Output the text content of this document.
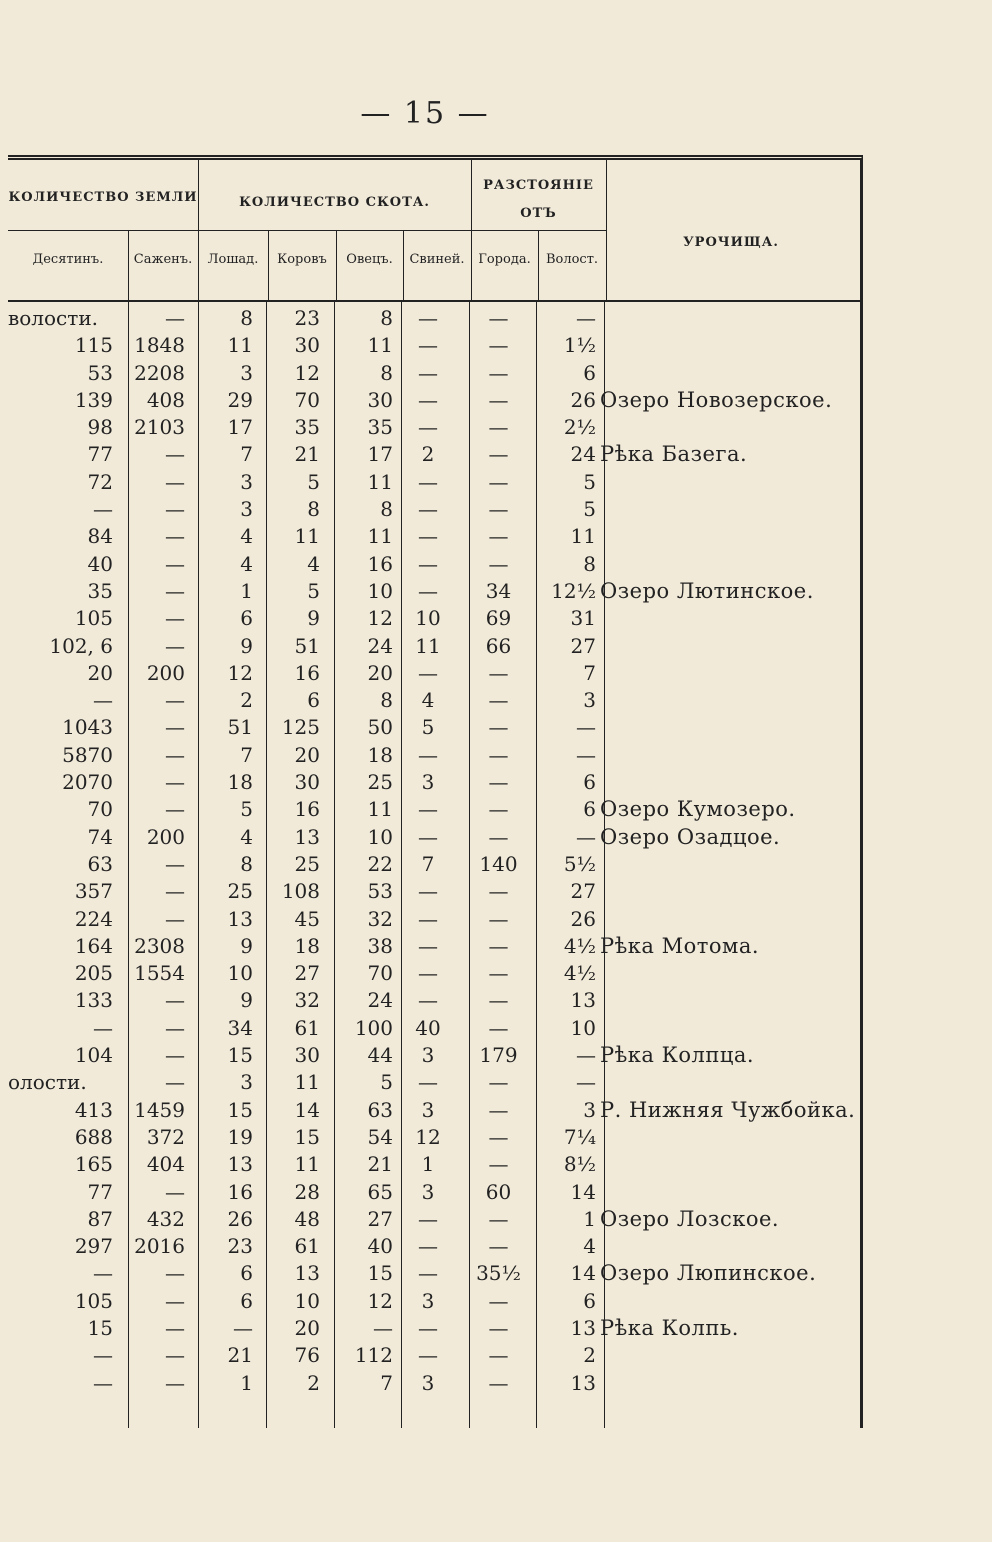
— 15 —
КОЛИЧЕСТВО ЗЕМЛИ	КОЛИЧЕСТВО СКОТА.
РАЗСТОЯНІЕ
ОТЪ
УРОЧИЩА.
Десятинъ.	Саженъ.	Лошад.	Коровъ	Овецъ.	Свиней.	Города.	Волост.
волости.	—	8	23	8	—	—	—
115	1848	11	30	11	—	—	1½
53	2208	3	12	8	—	—	6
139	408	29	70	30	—	—	26 Озеро Новозерское.
98	2103	17	35	35	—	—	2½
77	—	7	21	17	2	—	24 Рѣка Базега.
72	—	3	5	11	—	—	5
—	—	3	8	8	—	—	5
84	—	4	11	11	—	—	11
40	—	4	4	16	—	—	8
35	—	1	5	10	—	34	12½ Озеро Лютинское.
105	—	6	9	12	10	69	31
102, 6	—	9	51	24	11	66	27
20	200	12	16	20	—	—	7
—	—	2	6	8	4	—	3
1043	—	51	125	50	5	—	—
5870	—	7	20	18	—	—	—
2070	—	18	30	25	3	—	6
70	—	5	16	11	—	—	6 Озеро Кумозеро.
74	200	4	13	10	—	—	— Озеро Озадцое.
63	—	8	25	22	7	140	5½
357	—	25	108	53	—	—	27
224	—	13	45	32	—	—	26
164	2308	9	18	38	—	—	4½ Рѣка Мотома.
205	1554	10	27	70	—	—	4½
133	—	9	32	24	—	—	13
—	—	34	61	100	40	—	10
104	—	15	30	44	3	179	— Рѣка Колпца.
олости.	—	3	11	5	—	—	—
413	1459	15	14	63	3	—	3 Р. Нижняя Чужбойка.
688	372	19	15	54	12	—	7¼
165	404	13	11	21	1	—	8½
77	—	16	28	65	3	60	14
87	432	26	48	27	—	—	1 Озеро Лозское.
297	2016	23	61	40	—	—	4
—	—	6	13	15	—	35½	14 Озеро Люпинское.
105	—	6	10	12	3	—	6
15	—	—	20	—	—	—	13 Рѣка Колпь.
—	—	21	76	112	—	—	2
—	—	1	2	7	3	—	13
